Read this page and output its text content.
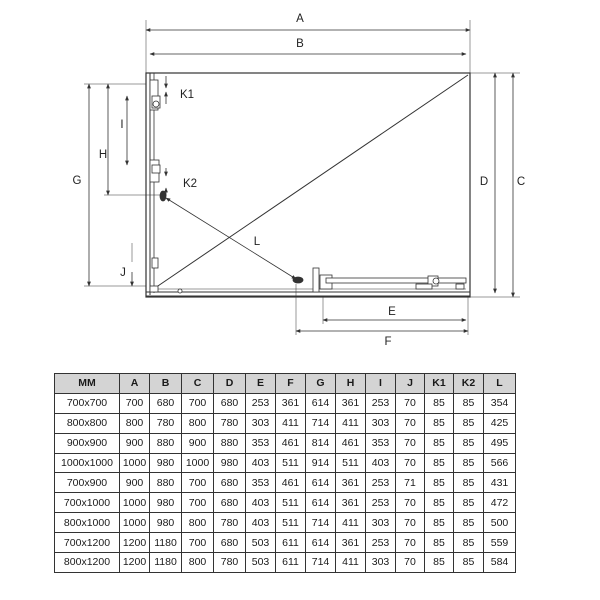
A
B
D C
G
H
I
J
K1
K2
L
E
F
MM	A	B	C	D	E	F	G	H	I	J	K1	K2	L
700x700	700	680	700	680	253	361	614	361	253	70	85	85	354
800x800	800	780	800	780	303	411	714	411	303	70	85	85	425
900x900	900	880	900	880	353	461	814	461	353	70	85	85	495
1000x1000	1000	980	1000	980	403	511	914	511	403	70	85	85	566
700x900	900	880	700	680	353	461	614	361	253	71	85	85	431
700x1000	1000	980	700	680	403	511	614	361	253	70	85	85	472
800x1000	1000	980	800	780	403	511	714	411	303	70	85	85	500
700x1200	1200	1180	700	680	503	611	614	361	253	70	85	85	559
800x1200	1200	1180	800	780	503	611	714	411	303	70	85	85	584
